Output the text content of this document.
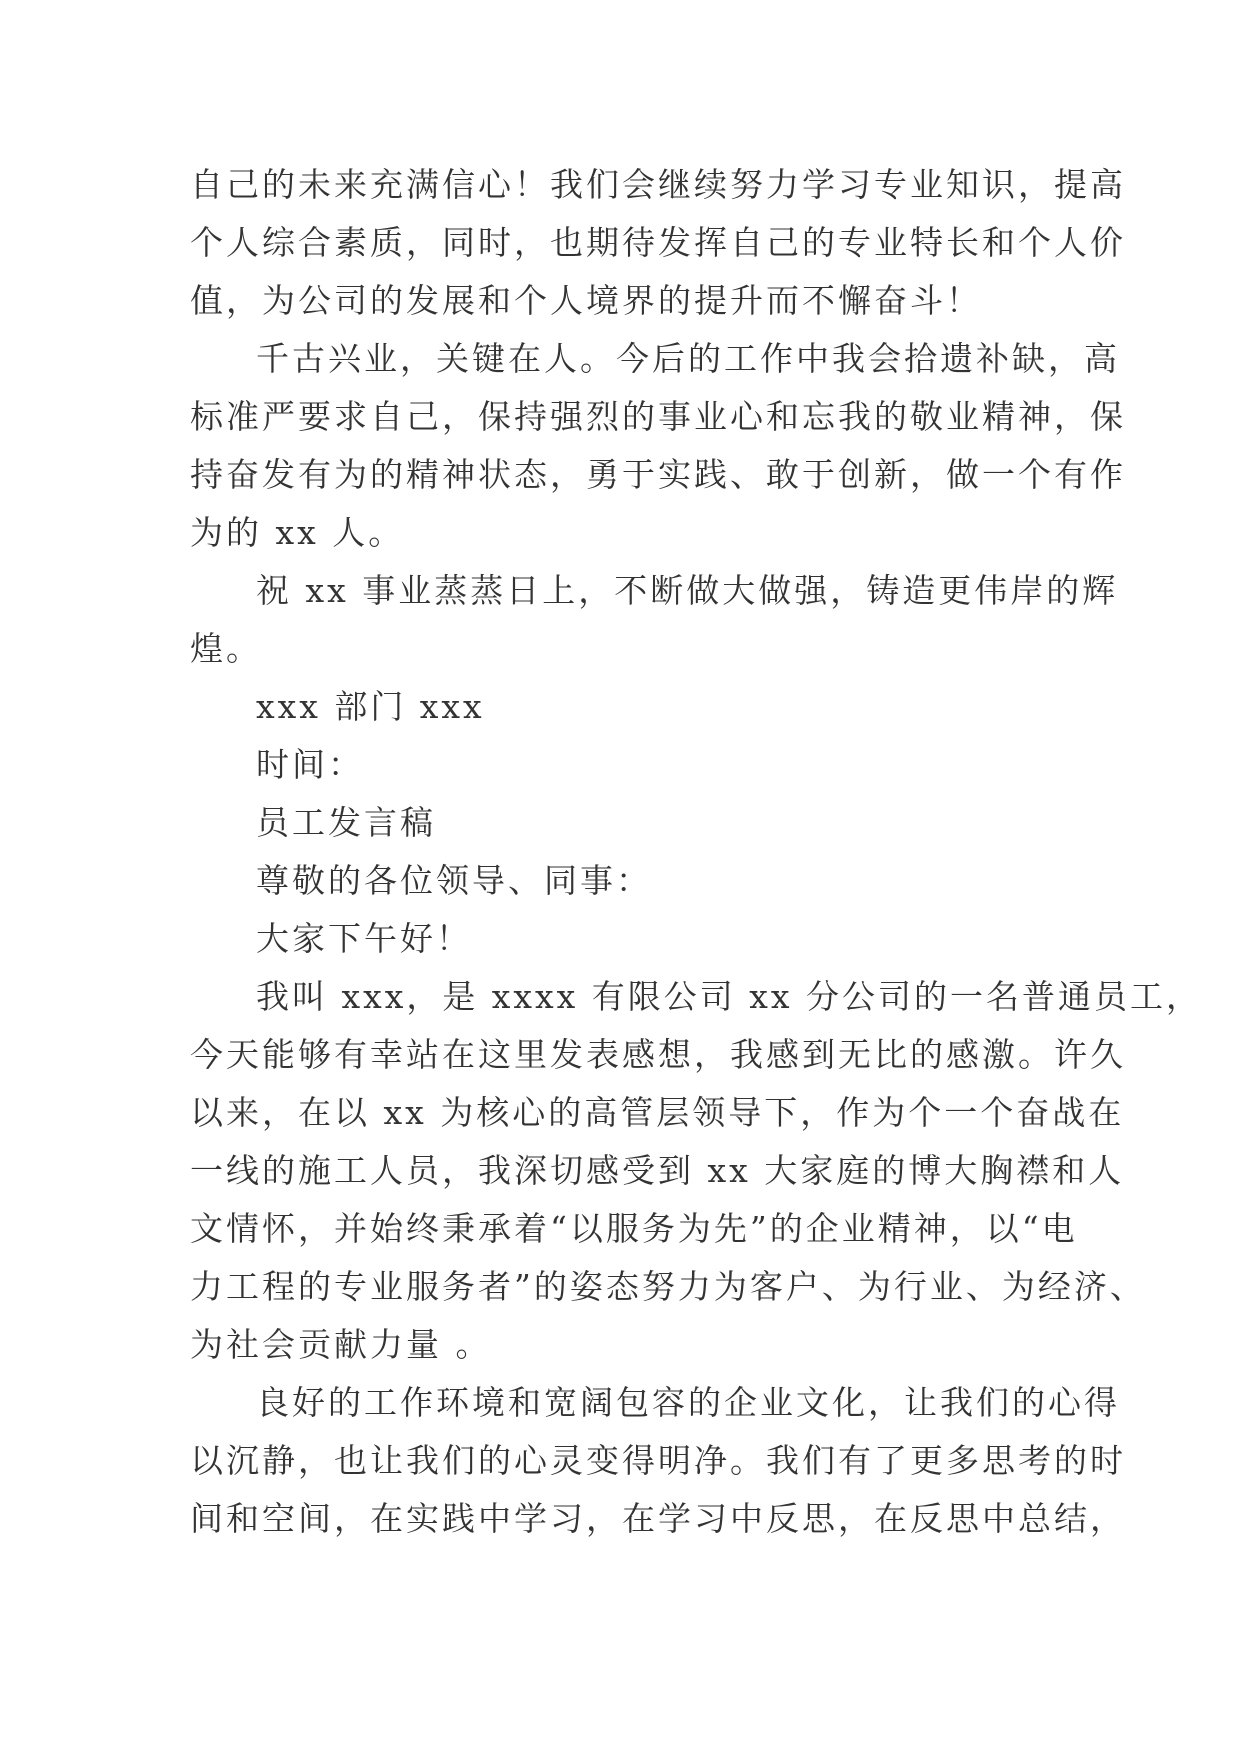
自己的未来充满信心！我们会继续努力学习专业知识，提高
个人综合素质，同时，也期待发挥自己的专业特长和个人价
值，为公司的发展和个人境界的提升而不懈奋斗！
千古兴业，关键在人。今后的工作中我会拾遗补缺，高
标准严要求自己，保持强烈的事业心和忘我的敬业精神，保
持奋发有为的精神状态，勇于实践、敢于创新，做一个有作
为的 xx 人。
祝 xx 事业蒸蒸日上，不断做大做强，铸造更伟岸的辉
煌。
xxx 部门 xxx
时间：
员工发言稿
尊敬的各位领导、同事：
大家下午好！
我叫 xxx，是 xxxx 有限公司 xx 分公司的一名普通员工，
今天能够有幸站在这里发表感想，我感到无比的感激。许久
以来，在以 xx 为核心的高管层领导下，作为个一个奋战在
一线的施工人员，我深切感受到 xx 大家庭的博大胸襟和人
文情怀，并始终秉承着“以服务为先”的企业精神，以“电
力工程的专业服务者”的姿态努力为客户、为行业、为经济、
为社会贡献力量 。
良好的工作环境和宽阔包容的企业文化，让我们的心得
以沉静，也让我们的心灵变得明净。我们有了更多思考的时
间和空间，在实践中学习，在学习中反思，在反思中总结，
